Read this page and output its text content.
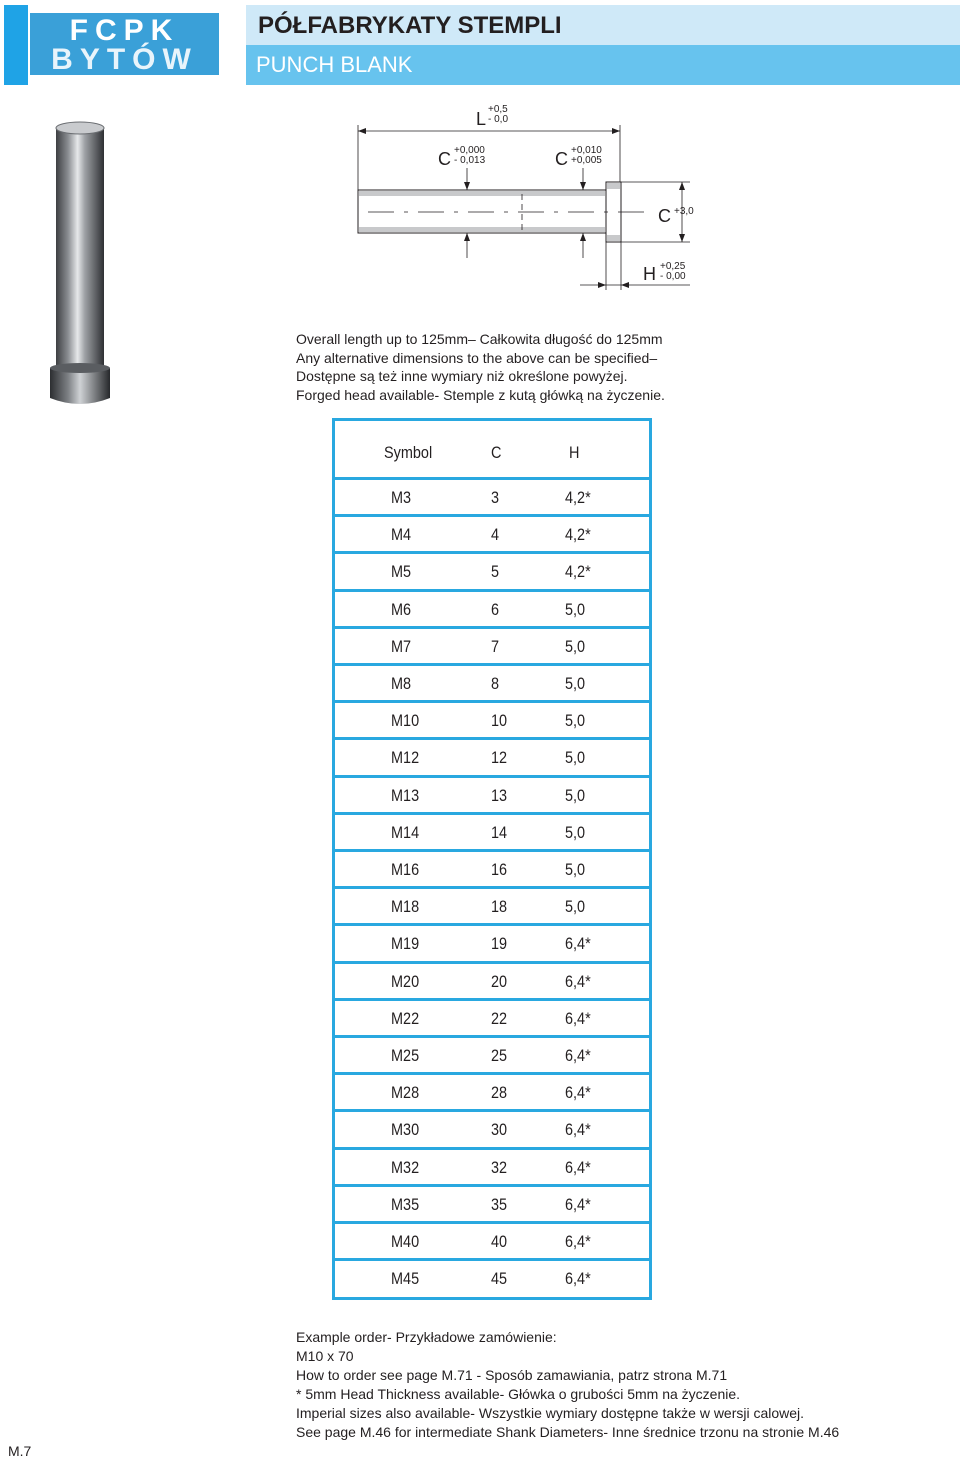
FCPK
BYTÓW
PÓŁFABRYKATY STEMPLI
PUNCH BLANK
L +0,5
- 0,0
C +0,000
- 0,013	C +0,010
+0,005
C +3,0
H +0,25
- 0,00
Overall length up to 125mm– Całkowita długość do 125mm
Any alternative dimensions to the above can be specified–
Dostępne są też inne wymiary niż określone powyżej.
Forged head available- Stemple z kutą główką na życzenie.
Symbol	C	H
M3	3	4,2*
M4	4	4,2*
M5	5	4,2*
M6	6	5,0
M7	7	5,0
M8	8	5,0
M10	10	5,0
M12	12	5,0
M13	13	5,0
M14	14	5,0
M16	16	5,0
M18	18	5,0
M19	19	6,4*
M20	20	6,4*
M22	22	6,4*
M25	25	6,4*
M28	28	6,4*
M30	30	6,4*
M32	32	6,4*
M35	35	6,4*
M40	40	6,4*
M45	45	6,4*
Example order- Przykładowe zamówienie:
M10 x 70
How to order see page M.71 - Sposób zamawiania, patrz strona M.71
* 5mm Head Thickness available- Główka o grubości 5mm na życzenie.
Imperial sizes also available- Wszystkie wymiary dostępne także w wersji calowej.
See page M.46 for intermediate Shank Diameters- Inne średnice trzonu na stronie M.46
M.7
